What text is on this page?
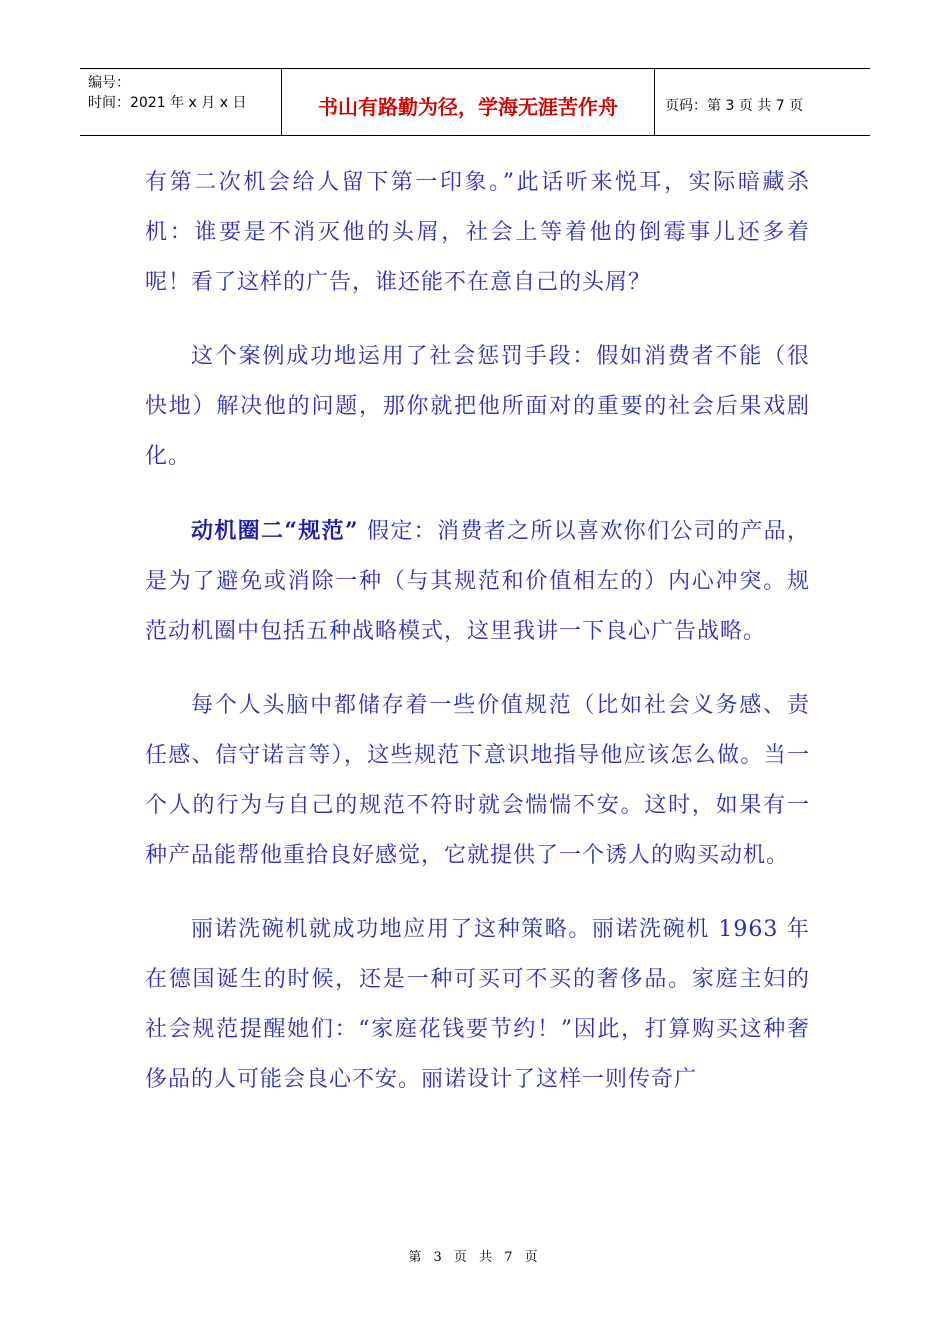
编号：
时间：2021 年 x 月 x 日	书山有路勤为径，学海无涯苦作舟	页码：第 3 页 共 7 页

有第二次机会给人留下第一印象。”此话听来悦耳，实际暗藏杀机：谁要是不消灭他的头屑，社会上等着他的倒霉事儿还多着呢！看了这样的广告，谁还能不在意自己的头屑？

这个案例成功地运用了社会惩罚手段：假如消费者不能（很快地）解决他的问题，那你就把他所面对的重要的社会后果戏剧化。

动机圈二“规范” 假定：消费者之所以喜欢你们公司的产品，是为了避免或消除一种（与其规范和价值相左的）内心冲突。规范动机圈中包括五种战略模式，这里我讲一下良心广告战略。

每个人头脑中都储存着一些价值规范（比如社会义务感、责任感、信守诺言等），这些规范下意识地指导他应该怎么做。当一个人的行为与自己的规范不符时就会惴惴不安。这时，如果有一种产品能帮他重拾良好感觉，它就提供了一个诱人的购买动机。

丽诺洗碗机就成功地应用了这种策略。丽诺洗碗机 1963 年在德国诞生的时候，还是一种可买可不买的奢侈品。家庭主妇的社会规范提醒她们：“家庭花钱要节约！”因此，打算购买这种奢侈品的人可能会良心不安。丽诺设计了这样一则传奇广

第 3 页 共 7 页
